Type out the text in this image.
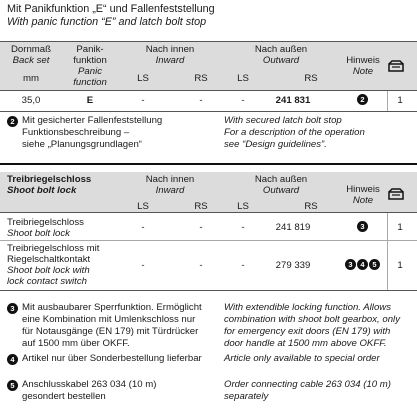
Mit Panikfunktion „E“ und Fallenfeststellung
With panic function “E” and latch bolt stop
Dornmaß
Back set
mm
Panik-
funktion
Panic
function
Nach innen
Inward
LS	RS
Nach außen
Outward
LS	RS
Hinweis
Note
35,0	E	-	-	-	241 831	2	1
2 Mit gesicherter Fallenfeststellung
Funktionsbeschreibung –
siehe „Planungsgrundlagen“
With secured latch bolt stop
For a description of the operation
see “Design guidelines”.
Treibriegelschloss
Shoot bolt lock
Nach innen
Inward
LS	RS
Nach außen
Outward
LS	RS
Hinweis
Note
Treibriegelschloss
Shoot bolt lock
-	-	-	241 819	3	1
Treibriegelschloss mit
Riegelschaltkontakt
Shoot bolt lock with
lock contact switch
-	-	-	279 339	3 4 5	1
3 Mit ausbaubarer Sperrfunktion. Ermöglicht
eine Kombination mit Umlenkschloss nur
für Notausgänge (EN 179) mit Türdrücker
auf 1500 mm über OKFF.
With extendible locking function. Allows
combination with shoot bolt gearbox, only
for emergency exit doors (EN 179) with
door handle at 1500 mm above OKFF.
4 Artikel nur über Sonderbestellung lieferbar Article only available to special order
5 Anschlusskabel 263 034 (10 m)
gesondert bestellen
Order connecting cable 263 034 (10 m)
separately
